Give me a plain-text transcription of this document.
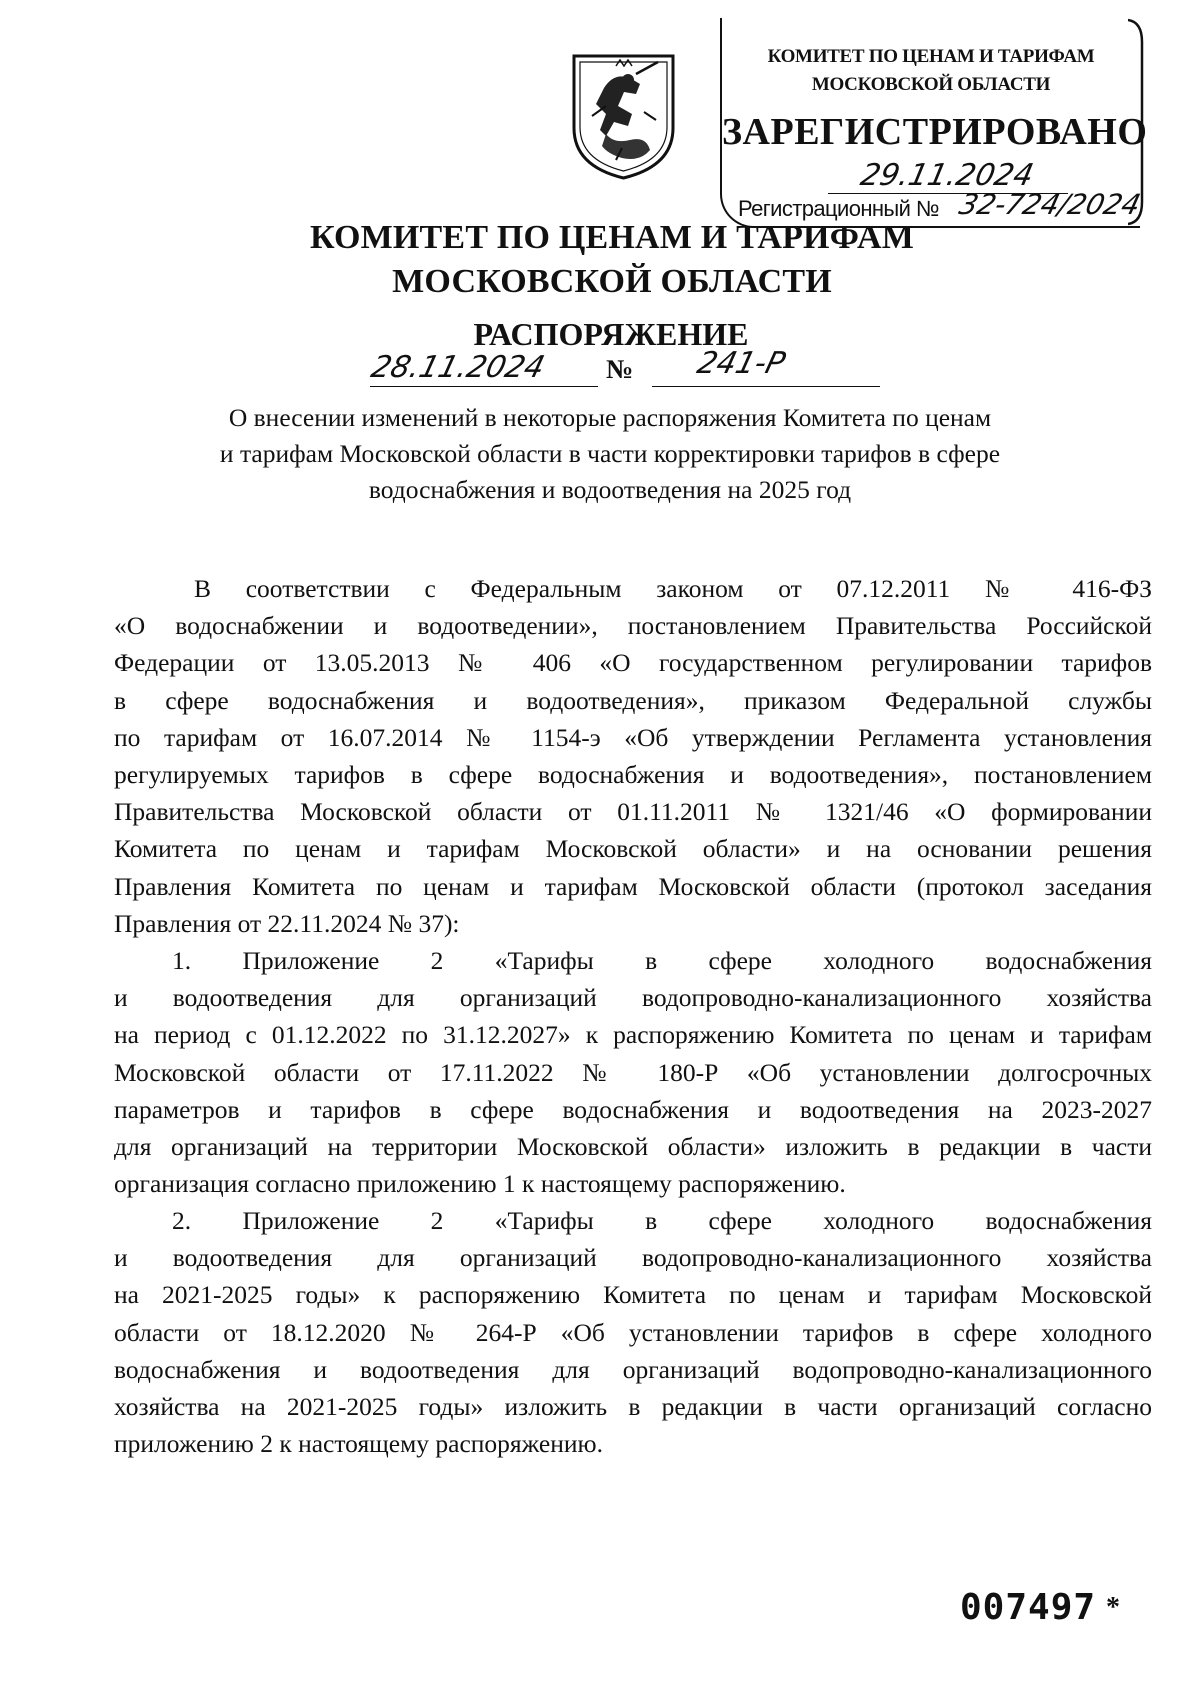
КОМИТЕТ ПО ЦЕНАМ И ТАРИФАМ
МОСКОВСКОЙ ОБЛАСТИ
ЗАРЕГИСТРИРОВАНО
29.11.2024
Регистрационный № 32-724/2024
КОМИТЕТ ПО ЦЕНАМ И ТАРИФАМ
МОСКОВСКОЙ ОБЛАСТИ
РАСПОРЯЖЕНИЕ
28.11.2024 № 241-Р
О внесении изменений в некоторые распоряжения Комитета по ценам
и тарифам Московской области в части корректировки тарифов в сфере
водоснабжения и водоотведения на 2025 год
В соответствии с Федеральным законом от 07.12.2011 № 416-ФЗ
«О водоснабжении и водоотведении», постановлением Правительства Российской
Федерации от 13.05.2013 № 406 «О государственном регулировании тарифов
в сфере водоснабжения и водоотведения», приказом Федеральной службы
по тарифам от 16.07.2014 № 1154-э «Об утверждении Регламента установления
регулируемых тарифов в сфере водоснабжения и водоотведения», постановлением
Правительства Московской области от 01.11.2011 № 1321/46 «О формировании
Комитета по ценам и тарифам Московской области» и на основании решения
Правления Комитета по ценам и тарифам Московской области (протокол заседания
Правления от 22.11.2024 № 37):
1. Приложение 2 «Тарифы в сфере холодного водоснабжения
и водоотведения для организаций водопроводно-канализационного хозяйства
на период с 01.12.2022 по 31.12.2027» к распоряжению Комитета по ценам и тарифам
Московской области от 17.11.2022 № 180-Р «Об установлении долгосрочных
параметров и тарифов в сфере водоснабжения и водоотведения на 2023-2027
для организаций на территории Московской области» изложить в редакции в части
организация согласно приложению 1 к настоящему распоряжению.
2. Приложение 2 «Тарифы в сфере холодного водоснабжения
и водоотведения для организаций водопроводно-канализационного хозяйства
на 2021-2025 годы» к распоряжению Комитета по ценам и тарифам Московской
области от 18.12.2020 № 264-Р «Об установлении тарифов в сфере холодного
водоснабжения и водоотведения для организаций водопроводно-канализационного
хозяйства на 2021-2025 годы» изложить в редакции в части организаций согласно
приложению 2 к настоящему распоряжению.
007497 *
